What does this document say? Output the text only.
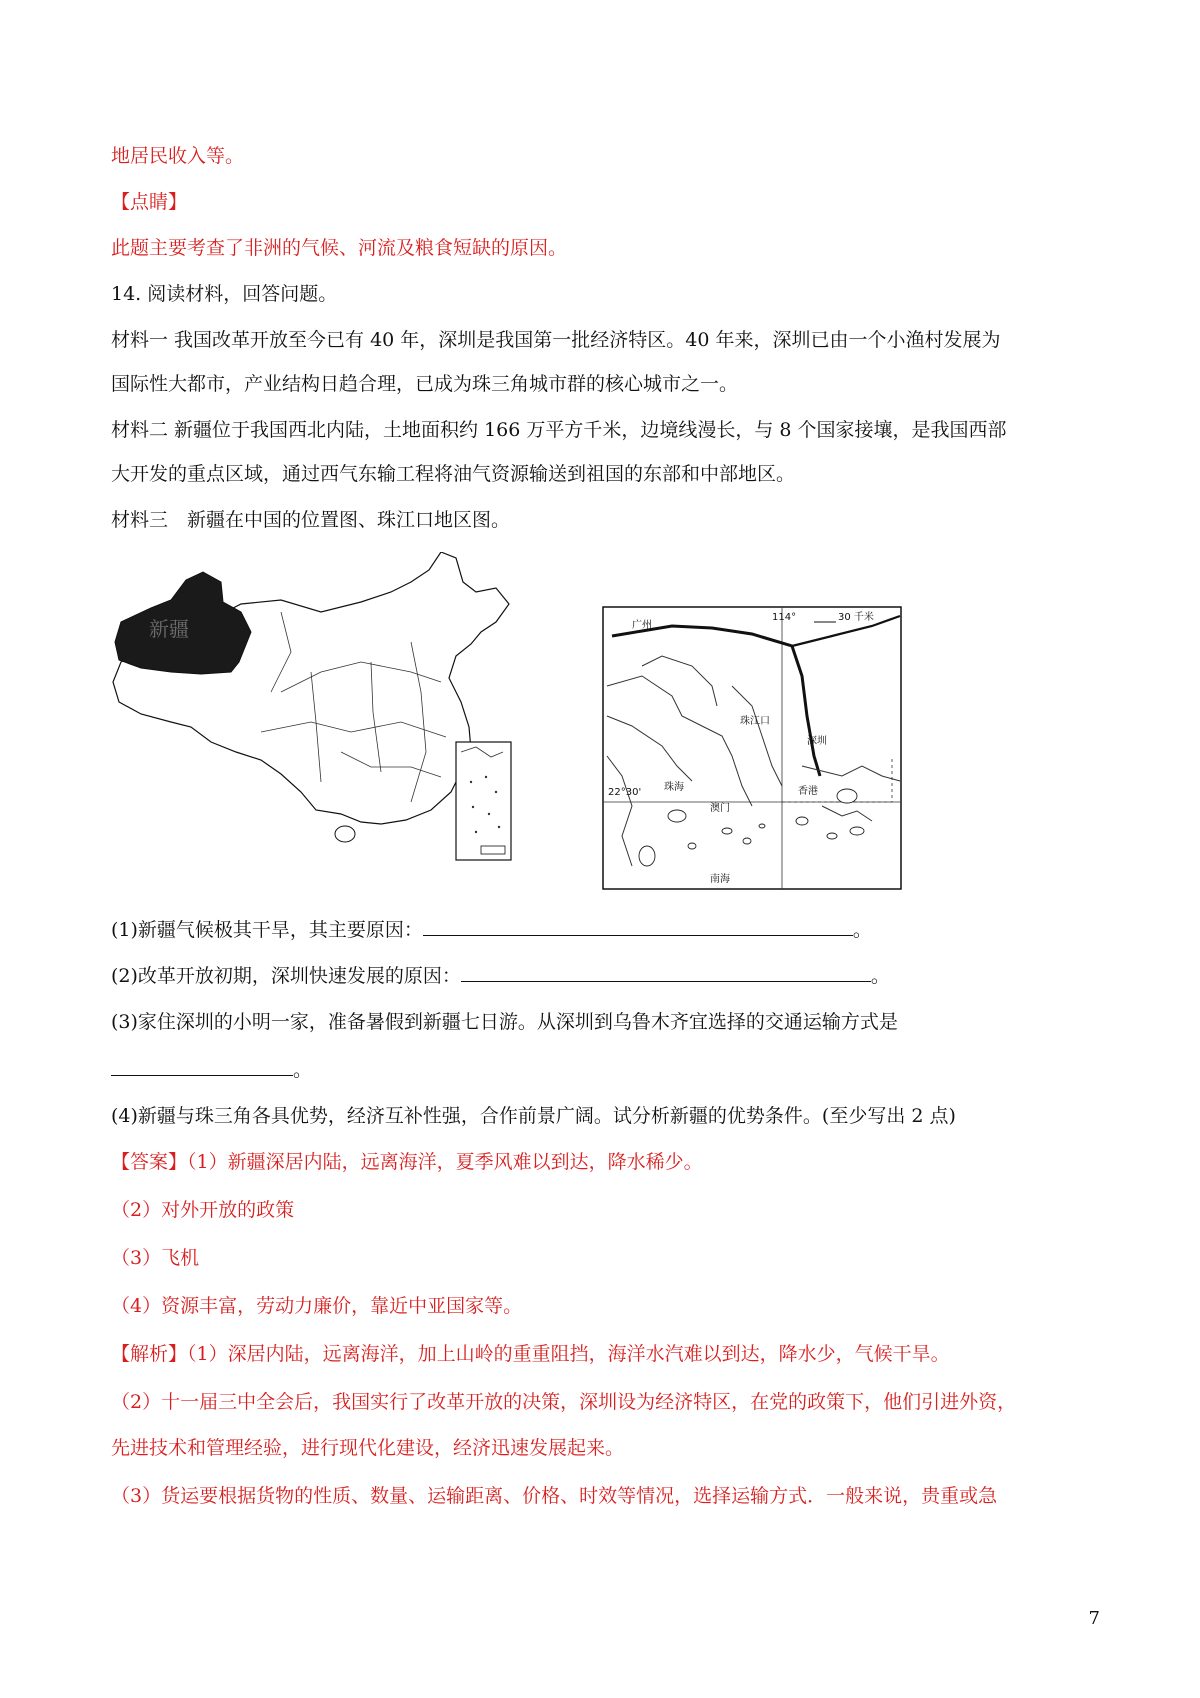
地居民收入等。
【点睛】
此题主要考查了非洲的气候、河流及粮食短缺的原因。
14. 阅读材料，回答问题。
材料一 我国改革开放至今已有 40 年，深圳是我国第一批经济特区。40 年来，深圳已由一个小渔村发展为
国际性大都市，产业结构日趋合理，已成为珠三角城市群的核心城市之一。
材料二 新疆位于我国西北内陆，土地面积约 166 万平方千米，边境线漫长，与 8 个国家接壤，是我国西部
大开发的重点区域，通过西气东输工程将油气资源输送到祖国的东部和中部地区。
材料三　新疆在中国的位置图、珠江口地区图。
新疆	广州
114°	30 千米
珠江口
深圳
22°30' 珠海
澳门
香港
南海
(1)新疆气候极其干旱，其主要原因：	。
(2)改革开放初期，深圳快速发展的原因：	。
(3)家住深圳的小明一家，准备暑假到新疆七日游。从深圳到乌鲁木齐宜选择的交通运输方式是
。
(4)新疆与珠三角各具优势，经济互补性强，合作前景广阔。试分析新疆的优势条件。(至少写出 2 点)
【答案】（1）新疆深居内陆，远离海洋，夏季风难以到达，降水稀少。
（2）对外开放的政策
（3）飞机
（4）资源丰富，劳动力廉价，靠近中亚国家等。
【解析】（1）深居内陆，远离海洋，加上山岭的重重阻挡，海洋水汽难以到达，降水少，气候干旱。
（2）十一届三中全会后，我国实行了改革开放的决策，深圳设为经济特区，在党的政策下，他们引进外资，
先进技术和管理经验，进行现代化建设，经济迅速发展起来。
（3）货运要根据货物的性质、数量、运输距离、价格、时效等情况，选择运输方式．一般来说，贵重或急
7
